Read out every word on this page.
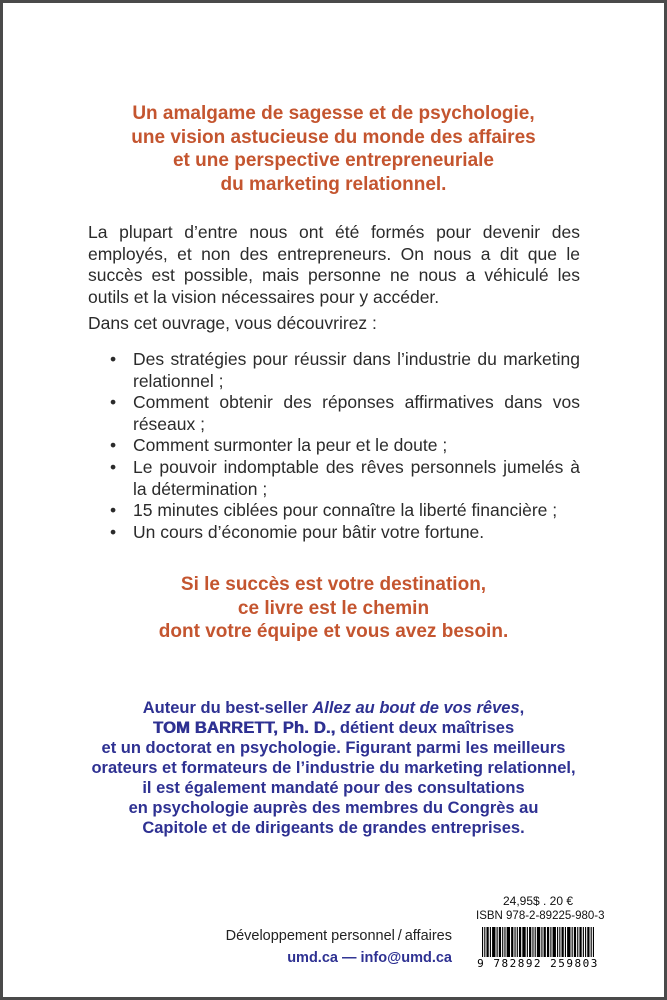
Un amalgame de sagesse et de psychologie,
une vision astucieuse du monde des affaires
et une perspective entrepreneuriale
du marketing relationnel.

La plupart d’entre nous ont été formés pour devenir des employés, et non des entrepreneurs. On nous a dit que le succès est possible, mais personne ne nous a véhiculé les outils et la vision nécessaires pour y accéder.

Dans cet ouvrage, vous découvrirez :

•
Des stratégies pour réussir dans l’industrie du marketing relationnel ;
•
Comment obtenir des réponses affirmatives dans vos réseaux ;
•
Comment surmonter la peur et le doute ;
•
Le pouvoir indomptable des rêves personnels jumelés à la détermination ;
•
15 minutes ciblées pour connaître la liberté financière ;
•
Un cours d’économie pour bâtir votre fortune.
Si le succès est votre destination,
ce livre est le chemin
dont votre équipe et vous avez besoin.
Auteur du best-seller Allez au bout de vos rêves,
TOM BARRETT, Ph. D., détient deux maîtrises
et un doctorat en psychologie. Figurant parmi les meilleurs
orateurs et formateurs de l’industrie du marketing relationnel,
il est également mandaté pour des consultations
en psychologie auprès des membres du Congrès au
Capitole et de dirigeants de grandes entreprises.
Développement personnel / affaires
umd.ca — info@umd.ca
24,95$ . 20 €
ISBN 978-2-89225-980-3
9 782892 259803
